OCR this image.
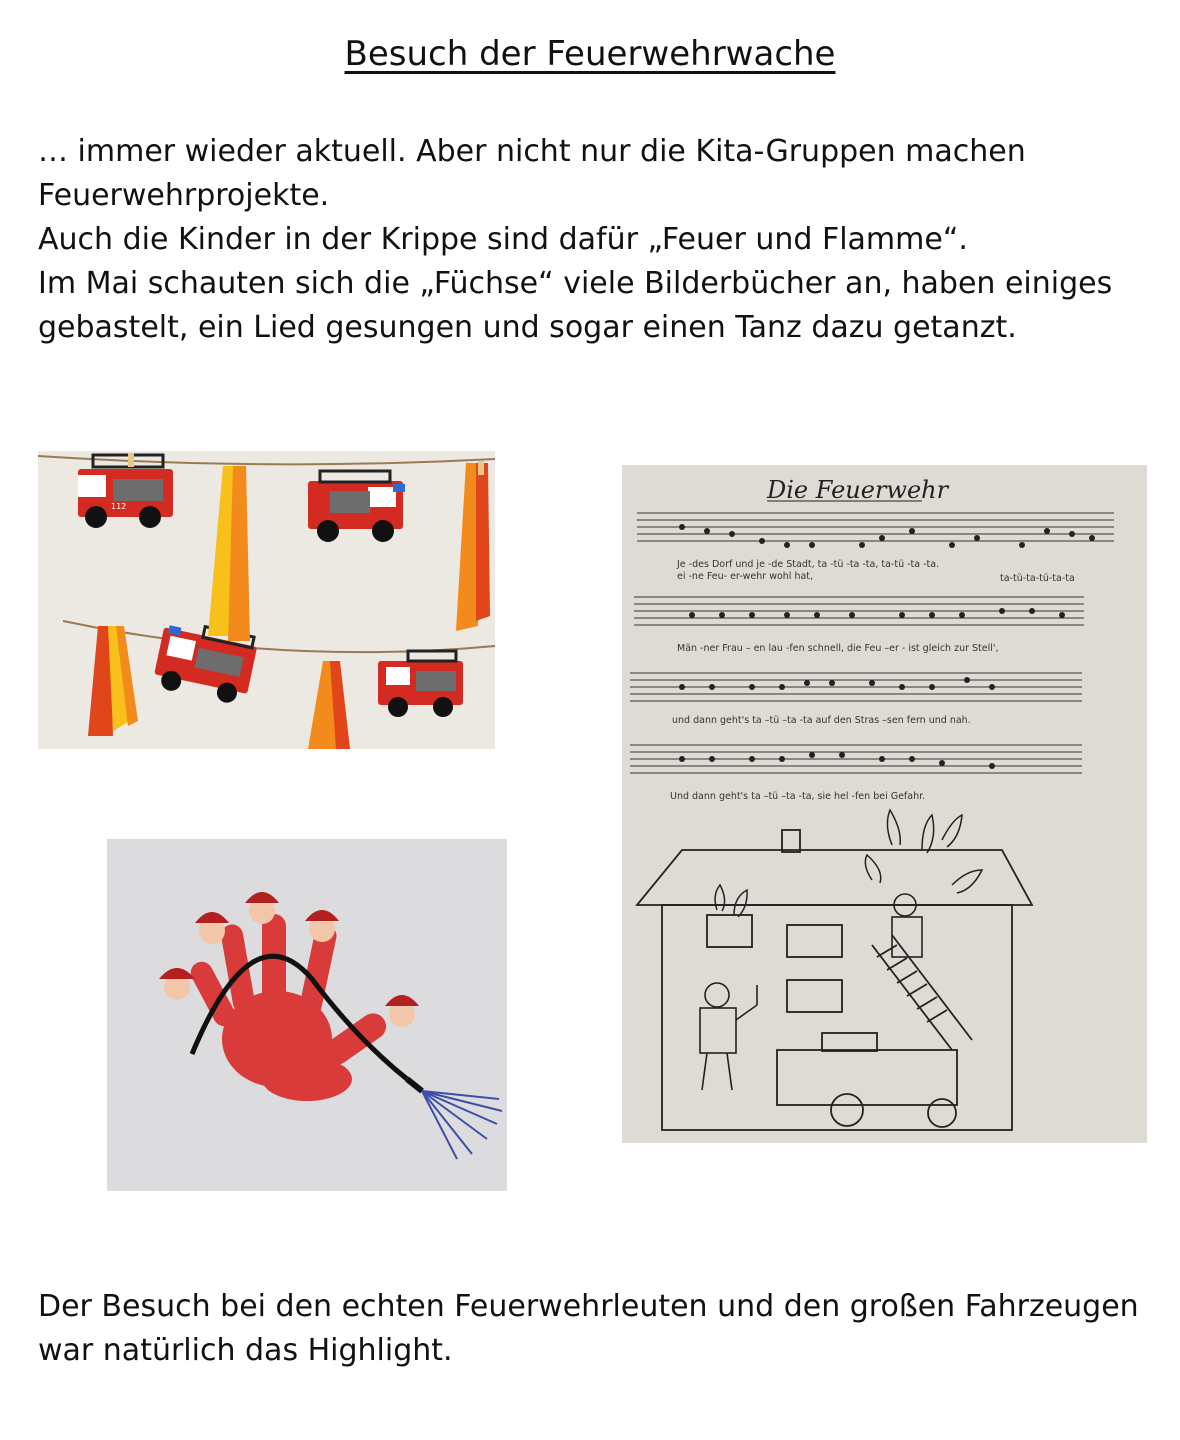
Besuch der Feuerwehrwache

… immer wieder aktuell. Aber nicht nur die Kita-Gruppen machen

Feuerwehrprojekte.

Auch die Kinder in der Krippe sind dafür „Feuer und Flamme“.

Im Mai schauten sich die „Füchse“ viele Bilderbücher an, haben einiges

gebastelt, ein Lied gesungen und sogar einen Tanz dazu getanzt.

112
Die Feuerwehr
Je -des Dorf und je -de Stadt, ta -tü -ta -ta, ta-tü -ta -ta.
ei -ne Feu- er-wehr wohl hat,	ta-tü-ta-tü-ta-ta
Män -ner Frau – en lau -fen schnell, die Feu –er - ist gleich zur Stell',
und dann geht's ta –tü –ta -ta auf den Stras –sen fern und nah.
Und dann geht's ta –tü –ta -ta, sie hel -fen bei Gefahr.

Der Besuch bei den echten Feuerwehrleuten und den großen Fahrzeugen

war natürlich das Highlight.
